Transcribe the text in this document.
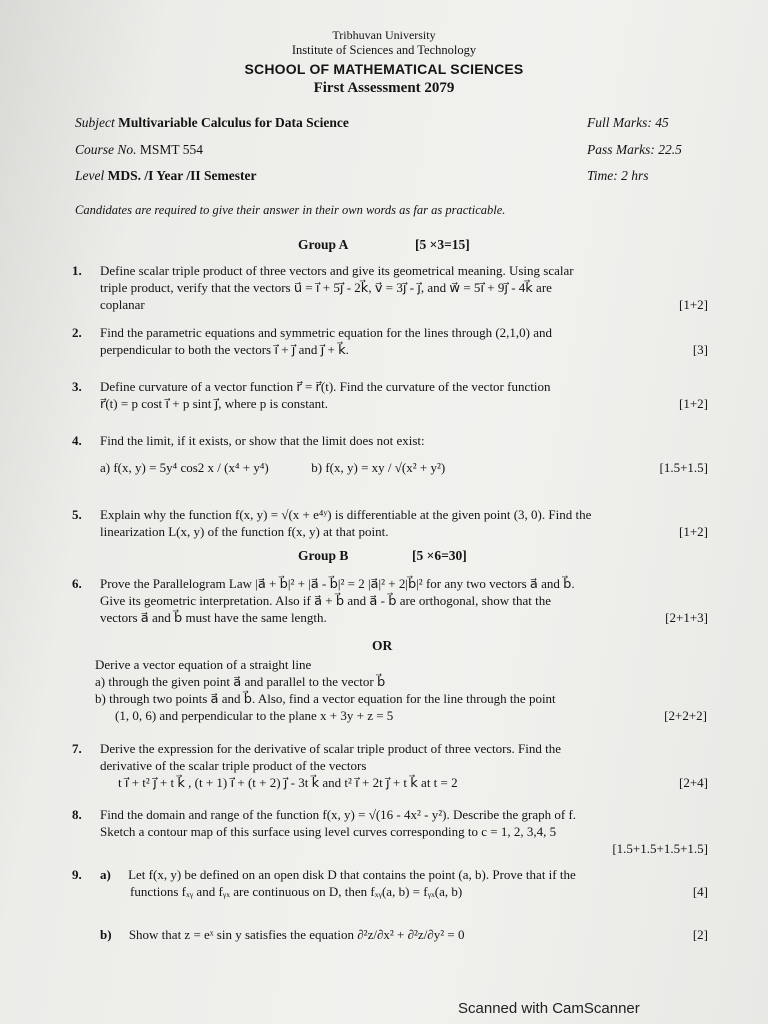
Tribhuvan University
Institute of Sciences and Technology
SCHOOL OF MATHEMATICAL SCIENCES
First Assessment 2079
Subject Multivariable Calculus for Data Science	Full Marks: 45
Course No. MSMT 554	Pass Marks: 22.5
Level MDS. /I Year /II Semester	Time: 2 hrs
Candidates are required to give their answer in their own words as far as practicable.
Group A	[5 ×3=15]
1. Define scalar triple product of three vectors and give its geometrical meaning. Using scalar

triple product, verify that the vectors u⃗ = i⃗ + 5j⃗ - 2k⃗, v⃗ = 3j⃗ - j⃗, and w⃗ = 5i⃗ + 9j⃗ - 4k⃗ are

coplanar	[1+2]

2. Find the parametric equations and symmetric equation for the lines through (2,1,0) and

perpendicular to both the vectors i⃗ + j⃗ and j⃗ + k⃗.	[3]

3. Define curvature of a vector function r⃗ = r⃗(t). Find the curvature of the vector function

r⃗(t) = p cost i⃗ + p sint j⃗, where p is constant.	[1+2]

4. Find the limit, if it exists, or show that the limit does not exist:

a) f(x, y) = 5y⁴ cos2 x / (x⁴ + y⁴)	b) f(x, y) = xy / √(x² + y²)	[1.5+1.5]

5. Explain why the function f(x, y) = √(x + e⁴ʸ) is differentiable at the given point (3, 0). Find the

linearization L(x, y) of the function f(x, y) at that point.	[1+2]

Group B	[5 ×6=30]
6. Prove the Parallelogram Law |a⃗ + b⃗|² + |a⃗ - b⃗|² = 2 |a⃗|² + 2|b⃗|² for any two vectors a⃗ and b⃗.

Give its geometric interpretation. Also if a⃗ + b⃗ and a⃗ - b⃗ are orthogonal, show that the

vectors a⃗ and b⃗ must have the same length.	[2+1+3]

OR

Derive a vector equation of a straight line

a) through the given point a⃗ and parallel to the vector b⃗

b) through two points a⃗ and b⃗. Also, find a vector equation for the line through the point

(1, 0, 6) and perpendicular to the plane x + 3y + z = 5	[2+2+2]

7. Derive the expression for the derivative of scalar triple product of three vectors. Find the

derivative of the scalar triple product of the vectors

t i⃗ + t² j⃗ + t k⃗ , (t + 1) i⃗ + (t + 2) j⃗ - 3t k⃗ and t² i⃗ + 2t j⃗ + t k⃗ at t = 2	[2+4]

8. Find the domain and range of the function f(x, y) = √(16 - 4x² - y²). Describe the graph of f.

Sketch a contour map of this surface using level curves corresponding to c = 1, 2, 3,4, 5

[1.5+1.5+1.5+1.5]

9. a) Let f(x, y) be defined on an open disk D that contains the point (a, b). Prove that if the

functions fₓᵧ and fᵧₓ are continuous on D, then fₓᵧ(a, b) = fᵧₓ(a, b)	[4]

b) Show that z = eˣ sin y satisfies the equation ∂²z/∂x² + ∂²z/∂y² = 0	[2]

Scanned with CamScanner
